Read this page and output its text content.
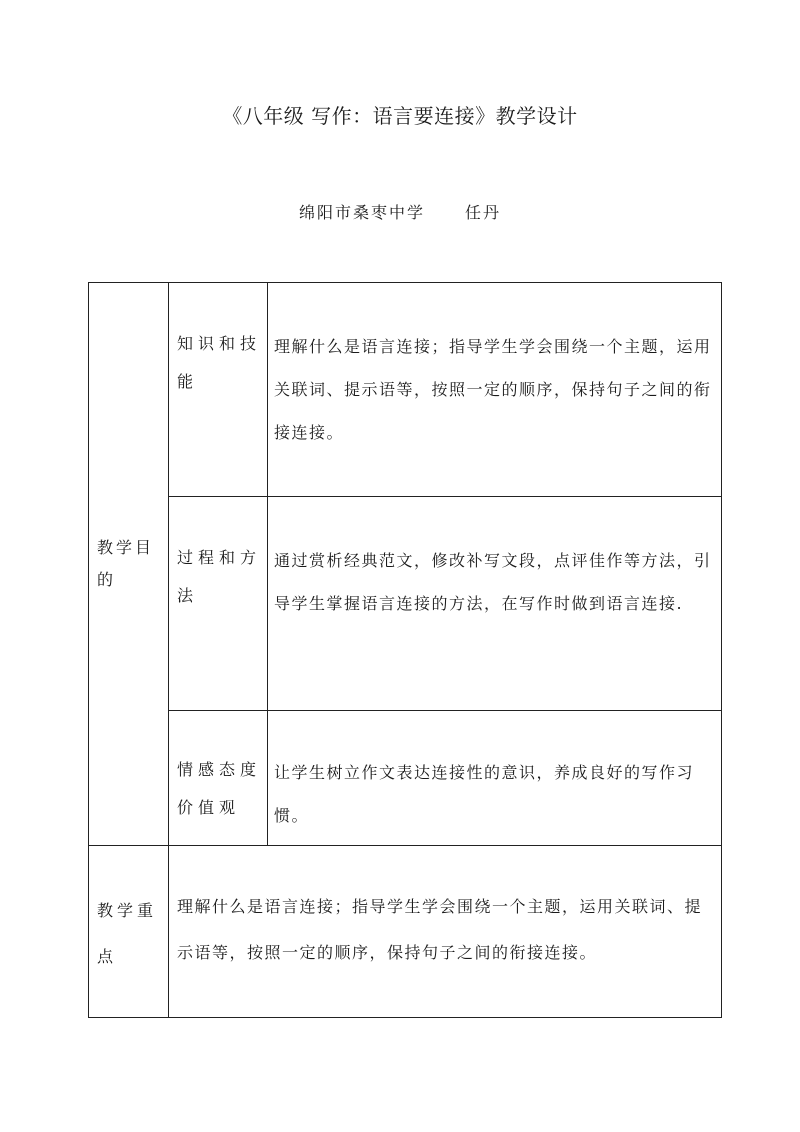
《八年级 写作：语言要连接》教学设计
绵阳市桑枣中学	任丹
教学目的	知识和技能	理解什么是语言连接；指导学生学会围绕一个主题，运用关联词、提示语等，按照一定的顺序，保持句子之间的衔接连接。
	过程和方法	通过赏析经典范文，修改补写文段，点评佳作等方法，引导学生掌握语言连接的方法，在写作时做到语言连接.
	情感态度价值观	让学生树立作文表达连接性的意识，养成良好的写作习惯。
教学重点	理解什么是语言连接；指导学生学会围绕一个主题，运用关联词、提示语等，按照一定的顺序，保持句子之间的衔接连接。	
